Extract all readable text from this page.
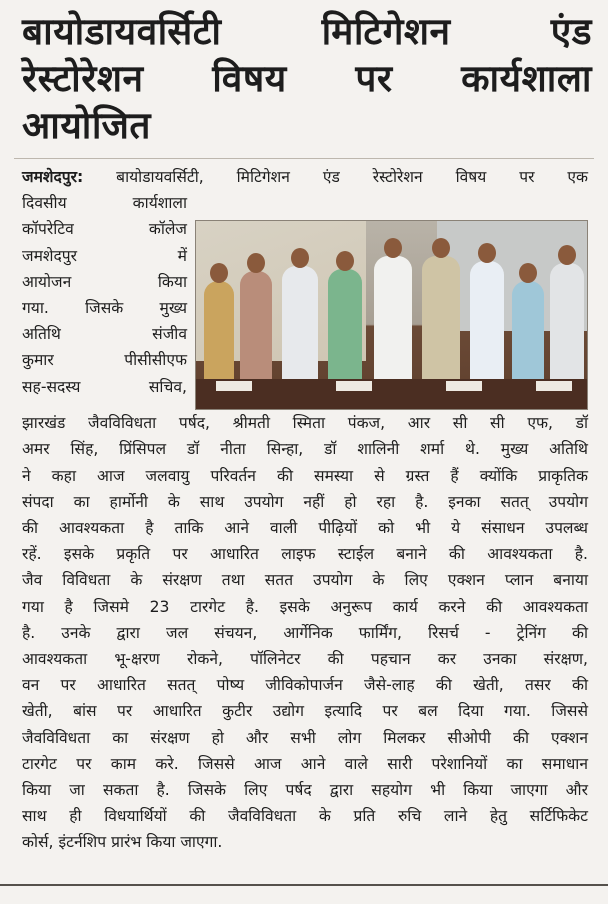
बायोडायवर्सिटी मिटिगेशन एंड
रेस्टोरेशन विषय पर कार्यशाला
आयोजित

जमशेदपुर: बायोडायवर्सिटी, मिटिगेशन एंड रेस्टोरेशन विषय पर एक

दिवसीय कार्यशाला

कॉपरेटिव कॉलेज

जमशेदपुर में

आयोजन किया

गया. जिसके मुख्य

अतिथि संजीव

कुमार पीसीसीएफ

सह-सदस्य सचिव,

झारखंड जैवविविधता पर्षद, श्रीमती स्मिता पंकज, आर सी सी एफ, डॉ

अमर सिंह, प्रिंसिपल डॉ नीता सिन्हा, डॉ शालिनी शर्मा थे. मुख्य अतिथि

ने कहा आज जलवायु परिवर्तन की समस्या से ग्रस्त हैं क्योंकि प्राकृतिक

संपदा का हार्मोनी के साथ उपयोग नहीं हो रहा है. इनका सतत् उपयोग

की आवश्यकता है ताकि आने वाली पीढ़ियों को भी ये संसाधन उपलब्ध

रहें. इसके प्रकृति पर आधारित लाइफ स्टाईल बनाने की आवश्यकता है.

जैव विविधता के संरक्षण तथा सतत उपयोग के लिए एक्शन प्लान बनाया

गया है जिसमे 23 टारगेट है. इसके अनुरूप कार्य करने की आवश्यकता

है. उनके द्वारा जल संचयन, आर्गेनिक फार्मिंग, रिसर्च - ट्रेनिंग की

आवश्यकता भू-क्षरण रोकने, पॉलिनेटर की पहचान कर उनका संरक्षण,

वन पर आधारित सतत् पोष्य जीविकोपार्जन जैसे-लाह की खेती, तसर की

खेती, बांस पर आधारित कुटीर उद्योग इत्यादि पर बल दिया गया. जिससे

जैवविविधता का संरक्षण हो और सभी लोग मिलकर सीओपी की एक्शन

टारगेट पर काम करे. जिससे आज आने वाले सारी परेशानियों का समाधान

किया जा सकता है. जिसके लिए पर्षद द्वारा सहयोग भी किया जाएगा और

साथ ही विधयार्थियों की जैवविविधता के प्रति रुचि लाने हेतु सर्टिफिकेट

कोर्स, इंटर्नशिप प्रारंभ किया जाएगा.
